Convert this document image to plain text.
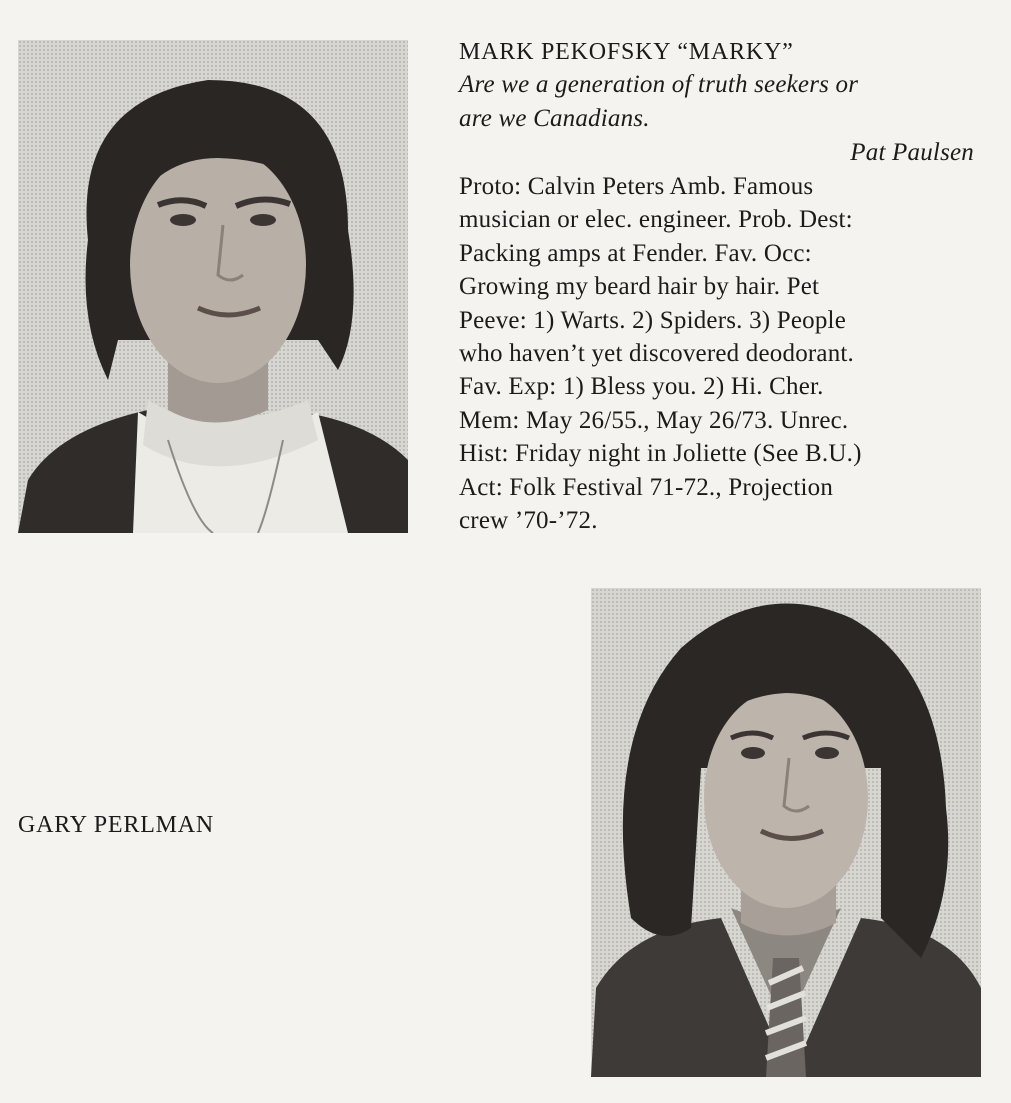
MARK PEKOFSKY “MARKY”
Are we a generation of truth seekers or
are we Canadians.
Pat Paulsen
Proto: Calvin Peters Amb. Famous
musician or elec. engineer. Prob. Dest:
Packing amps at Fender. Fav. Occ:
Growing my beard hair by hair. Pet
Peeve: 1) Warts. 2) Spiders. 3) People
who haven’t yet discovered deodorant.
Fav. Exp: 1) Bless you. 2) Hi. Cher.
Mem: May 26/55., May 26/73. Unrec.
Hist: Friday night in Joliette (See B.U.)
Act: Folk Festival 71-72., Projection
crew ’70-’72.
GARY PERLMAN
